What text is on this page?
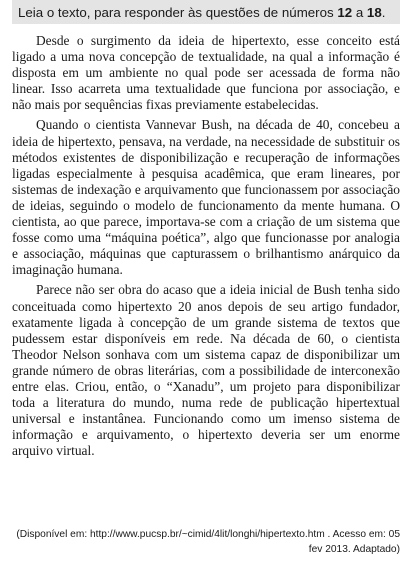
Leia o texto, para responder às questões de números 12 a 18.

Desde o surgimento da ideia de hipertexto, esse conceito está ligado a uma nova concepção de textualidade, na qual a informação é disposta em um ambiente no qual pode ser acessada de forma não linear. Isso acarreta uma textualidade que funciona por associação, e não mais por sequências fixas previamente estabelecidas.

Quando o cientista Vannevar Bush, na década de 40, concebeu a ideia de hipertexto, pensava, na verdade, na necessidade de substituir os métodos existentes de disponibilização e recuperação de informações ligadas especialmente à pesquisa acadêmica, que eram lineares, por sistemas de indexação e arquivamento que funcionassem por associação de ideias, seguindo o modelo de funcionamento da mente humana. O cientista, ao que parece, importava-se com a criação de um sistema que fosse como uma “máquina poética”, algo que funcionasse por analogia e associação, máquinas que capturassem o brilhantismo anárquico da imaginação humana.

Parece não ser obra do acaso que a ideia inicial de Bush tenha sido conceituada como hipertexto 20 anos depois de seu artigo fundador, exatamente ligada à concepção de um grande sistema de textos que pudessem estar disponíveis em rede. Na década de 60, o cientista Theodor Nelson sonhava com um sistema capaz de disponibilizar um grande número de obras literárias, com a possibilidade de interconexão entre elas. Criou, então, o “Xanadu”, um projeto para disponibilizar toda a literatura do mundo, numa rede de publicação hipertextual universal e instantânea. Funcionando como um imenso sistema de informação e arquivamento, o hipertexto deveria ser um enorme arquivo virtual.

(Disponível em: http://www.pucsp.br/~cimid/4lit/longhi/hipertexto.htm . Acesso em: 05 fev 2013. Adaptado)
